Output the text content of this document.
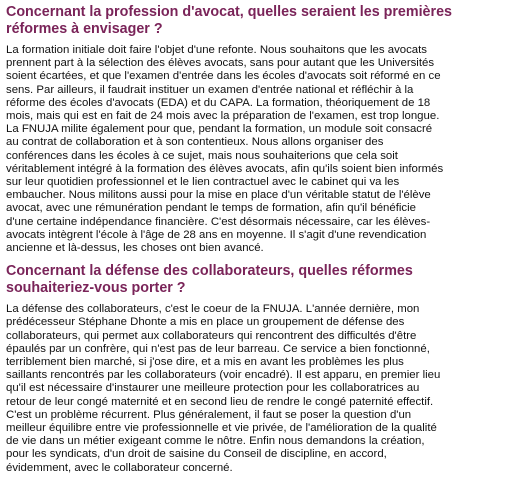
Concernant la profession d'avocat, quelles seraient les premières réformes à envisager ?
La formation initiale doit faire l'objet d'une refonte. Nous souhaitons que les avocats
prennent part à la sélection des élèves avocats, sans pour autant que les Universités
soient écartées, et que l'examen d'entrée dans les écoles d'avocats soit réformé en ce
sens. Par ailleurs, il faudrait instituer un examen d'entrée national et réfléchir à la
réforme des écoles d'avocats (EDA) et du CAPA. La formation, théoriquement de 18
mois, mais qui est en fait de 24 mois avec la préparation de l'examen, est trop longue.
La FNUJA milite également pour que, pendant la formation, un module soit consacré
au contrat de collaboration et à son contentieux. Nous allons organiser des
conférences dans les écoles à ce sujet, mais nous souhaiterions que cela soit
véritablement intégré à la formation des élèves avocats, afin qu'ils soient bien informés
sur leur quotidien professionnel et le lien contractuel avec le cabinet qui va les
embaucher. Nous militons aussi pour la mise en place d'un véritable statut de l'élève
avocat, avec une rémunération pendant le temps de formation, afin qu'il bénéficie
d'une certaine indépendance financière. C'est désormais nécessaire, car les élèves-
avocats intègrent l'école à l'âge de 28 ans en moyenne. Il s'agit d'une revendication
ancienne et là-dessus, les choses ont bien avancé.
Concernant la défense des collaborateurs, quelles réformes souhaiteriez-vous porter ?
La défense des collaborateurs, c'est le coeur de la FNUJA. L'année dernière, mon
prédécesseur Stéphane Dhonte a mis en place un groupement de défense des
collaborateurs, qui permet aux collaborateurs qui rencontrent des difficultés d'être
épaulés par un confrère, qui n'est pas de leur barreau. Ce service a bien fonctionné,
terriblement bien marché, si j'ose dire, et a mis en avant les problèmes les plus
saillants rencontrés par les collaborateurs (voir encadré). Il est apparu, en premier lieu
qu'il est nécessaire d'instaurer une meilleure protection pour les collaboratrices au
retour de leur congé maternité et en second lieu de rendre le congé paternité effectif.
C'est un problème récurrent. Plus généralement, il faut se poser la question d'un
meilleur équilibre entre vie professionnelle et vie privée, de l'amélioration de la qualité
de vie dans un métier exigeant comme le nôtre. Enfin nous demandons la création,
pour les syndicats, d'un droit de saisine du Conseil de discipline, en accord,
évidemment, avec le collaborateur concerné.
